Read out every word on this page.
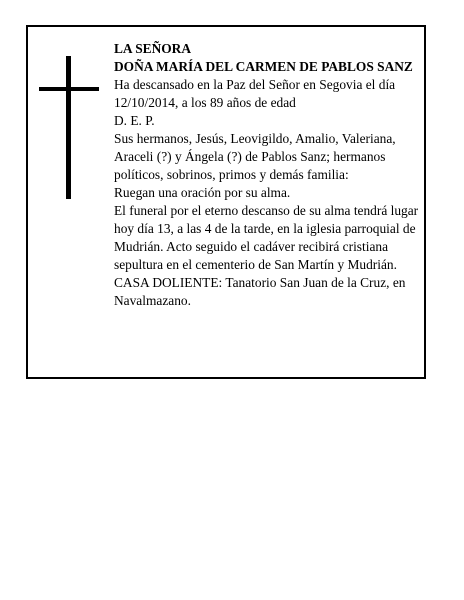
LA SEÑORA
DOÑA MARÍA DEL CARMEN DE PABLOS SANZ
Ha descansado en la Paz del Señor en Segovia el día 12/10/2014, a los 89 años de edad
D. E. P.
Sus hermanos, Jesús, Leovigildo, Amalio, Valeriana, Araceli (?) y Ángela (?) de Pablos Sanz; hermanos políticos, sobrinos, primos y demás familia:
Ruegan una oración por su alma.
El funeral por el eterno descanso de su alma tendrá lugar hoy día 13, a las 4 de la tarde, en la iglesia parroquial de Mudrián. Acto seguido el cadáver recibirá cristiana sepultura en el cementerio de San Martín y Mudrián.
CASA DOLIENTE: Tanatorio San Juan de la Cruz, en Navalmazano.
